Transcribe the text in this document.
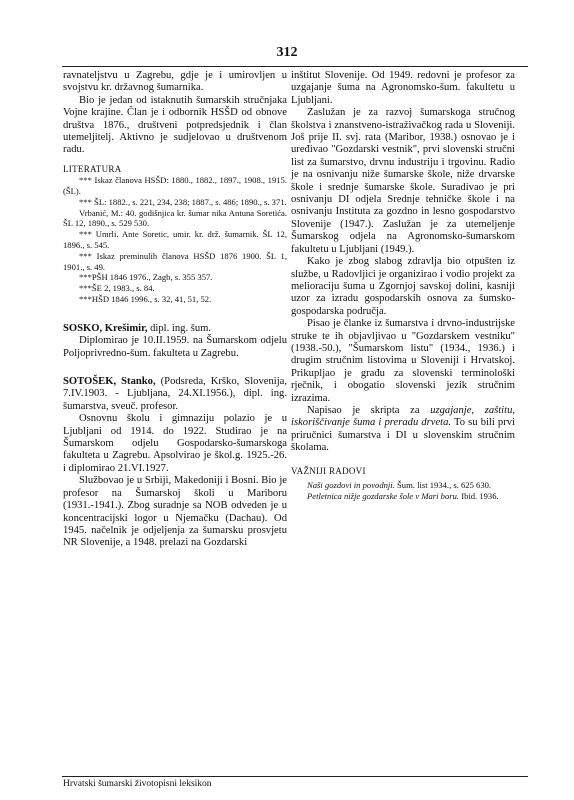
312

ravnateljstvu u Zagrebu, gdje je i umirovljen u svojstvu kr. državnog šumarnika.

Bio je jedan od istaknutih šumarskih stručnjaka Vojne krajine. Član je i odbornik HSŠD od obnove društva 1876., društveni potpredsjednik i član utemeljitelj. Aktivno je sudjelovao u društvenom radu.

LITERATURA
*** Iskaz članova HSŠD: 1880., 1882., 1897., 1908., 1915. (ŠL).
*** ŠL: 1882., s. 221, 234, 238; 1887., s. 486; 1890., s. 371.
Vrbanić, M.: 40. godišnjica kr. šumar nika Antuna Soretića. ŠL 12, 1890., s. 529 530.
*** Umrli. Ante Soretic, umir. kr. drž. šumarnik. ŠL 12, 1896., s. 545.
*** Iskaz preminulih članova HSŠD 1876 1900. ŠL 1, 1901., s. 49.
***PŠH 1846 1976., Zagb, s. 355 357.
***ŠE 2, 1983., s. 84.
***HŠD 1846 1996., s. 32, 41, 51, 52.

SOSKO, Krešimir, dipl. ing. šum.

Diplomirao je 10.II.1959. na Šumarskom odjelu Poljoprivredno-šum. fakulteta u Zagrebu.

SOTOŠEK, Stanko, (Podsreda, Krško, Slovenija, 7.IV.1903. - Ljubljana, 24.XI.1956.), dipl. ing. šumarstva, sveuč. profesor.

Osnovnu školu i gimnaziju polazio je u Ljubljani od 1914. do 1922. Studirao je na Šumarskom odjelu Gospodarsko-šumarskoga fakulteta u Zagrebu. Apsolvirao je škol.g. 1925.-26. i diplomirao 21.VI.1927.

Službovao je u Srbiji, Makedoniji i Bosni. Bio je profesor na Šumarskoj školi u Mariboru (1931.-1941.). Zbog suradnje sa NOB odveden je u koncentracijski logor u Njemačku (Dachau). Od 1945. načelnik je odjeljenja za šumarsku prosvjetu NR Slovenije, a 1948. prelazi na Gozdarski

inštitut Slovenije. Od 1949. redovni je profesor za uzgajanje šuma na Agronomsko-šum. fakultetu u Ljubljani.

Zaslužan je za razvoj šumarskoga stručnog školstva i znanstveno-istraživačkog rada u Sloveniji. Još prije II. svj. rata (Maribor, 1938.) osnovao je i uređivao "Gozdarski vestnik", prvi slovenski stručni list za šumarstvo, drvnu industriju i trgovinu. Radio je na osnivanju niže šumarske škole, niže drvarske škole i srednje šumarske škole. Suradivao je pri osnivanju DI odjela Srednje tehničke škole i na osnivanju Instituta za gozdno in lesno gospodarstvo Slovenije (1947.). Zaslužan je za utemeljenje Šumarskog odjela na Agronomsko-šumarskom fakultetu u Ljubljani (1949.).

Kako je zbog slabog zdravlja bio otpušten iz službe, u Radovljici je organizirao i vodio projekt za melioraciju šuma u Zgornjoj savskoj dolini, kasniji uzor za izradu gospodarskih osnova za šumsko-gospodarska područja.

Pisao je članke iz šumarstva i drvno-industrijske struke te ih objavljivao u "Gozdarskem vestniku" (1938.-50.), "Šumarskom listu" (1934., 1936.) i drugim stručnim listovima u Sloveniji i Hrvatskoj. Prikupljao je građu za slovenski terminološki rječnik, i obogatio slovenski jezik stručnim izrazima.

Napisao je skripta za uzgajanje, zaštitu, iskoriščivanje šuma i preradu drveta. To su bili prvi priručnici šumarstva i DI u slovenskim stručnim školama.

VAŽNIJI RADOVI
Naši gozdovi in povodnji. Šum. list 1934., s. 625 630.
Petletnica nižje gozdarske šole v Mari boru. Ibid. 1936.
Hrvatski šumarski životopisni leksikon
